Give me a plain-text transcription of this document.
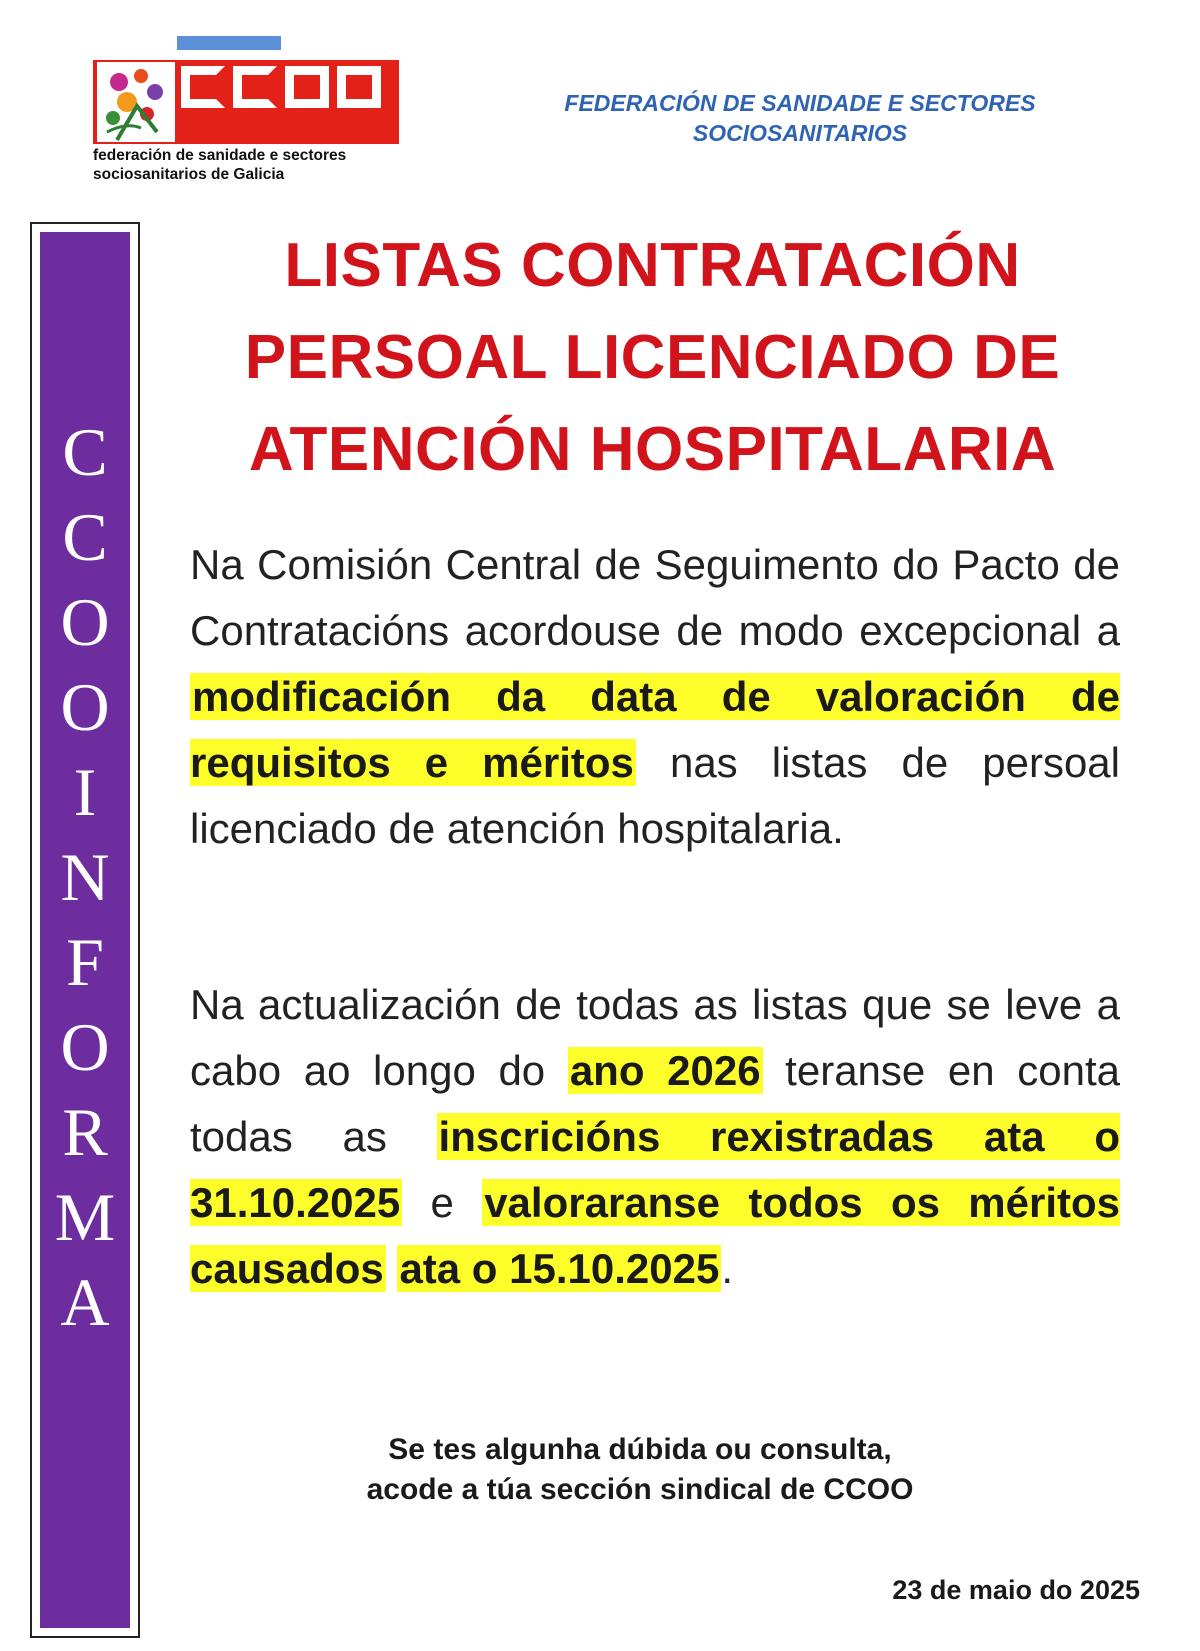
federación de sanidade e sectores
sociosanitarios de Galicia
FEDERACIÓN DE SANIDADE E SECTORES
SOCIOSANITARIOS
C
C
O
O
I
N
F
O
R
M
A
LISTAS CONTRATACIÓN
PERSOAL LICENCIADO DE
ATENCIÓN HOSPITALARIA
Na Comisión Central de Seguimento do Pacto de Contratacións acordouse de modo excepcional a modificación da data de valoración de requisitos e méritos nas listas de persoal licenciado de atención hospitalaria.
Na actualización de todas as listas que se leve a cabo ao longo do ano 2026 teranse en conta todas as inscricións rexistradas ata o 31.10.2025 e valoraranse todos os méritos causados ata o 15.10.2025.
Se tes algunha dúbida ou consulta,
acode a túa sección sindical de CCOO
23 de maio do 2025
